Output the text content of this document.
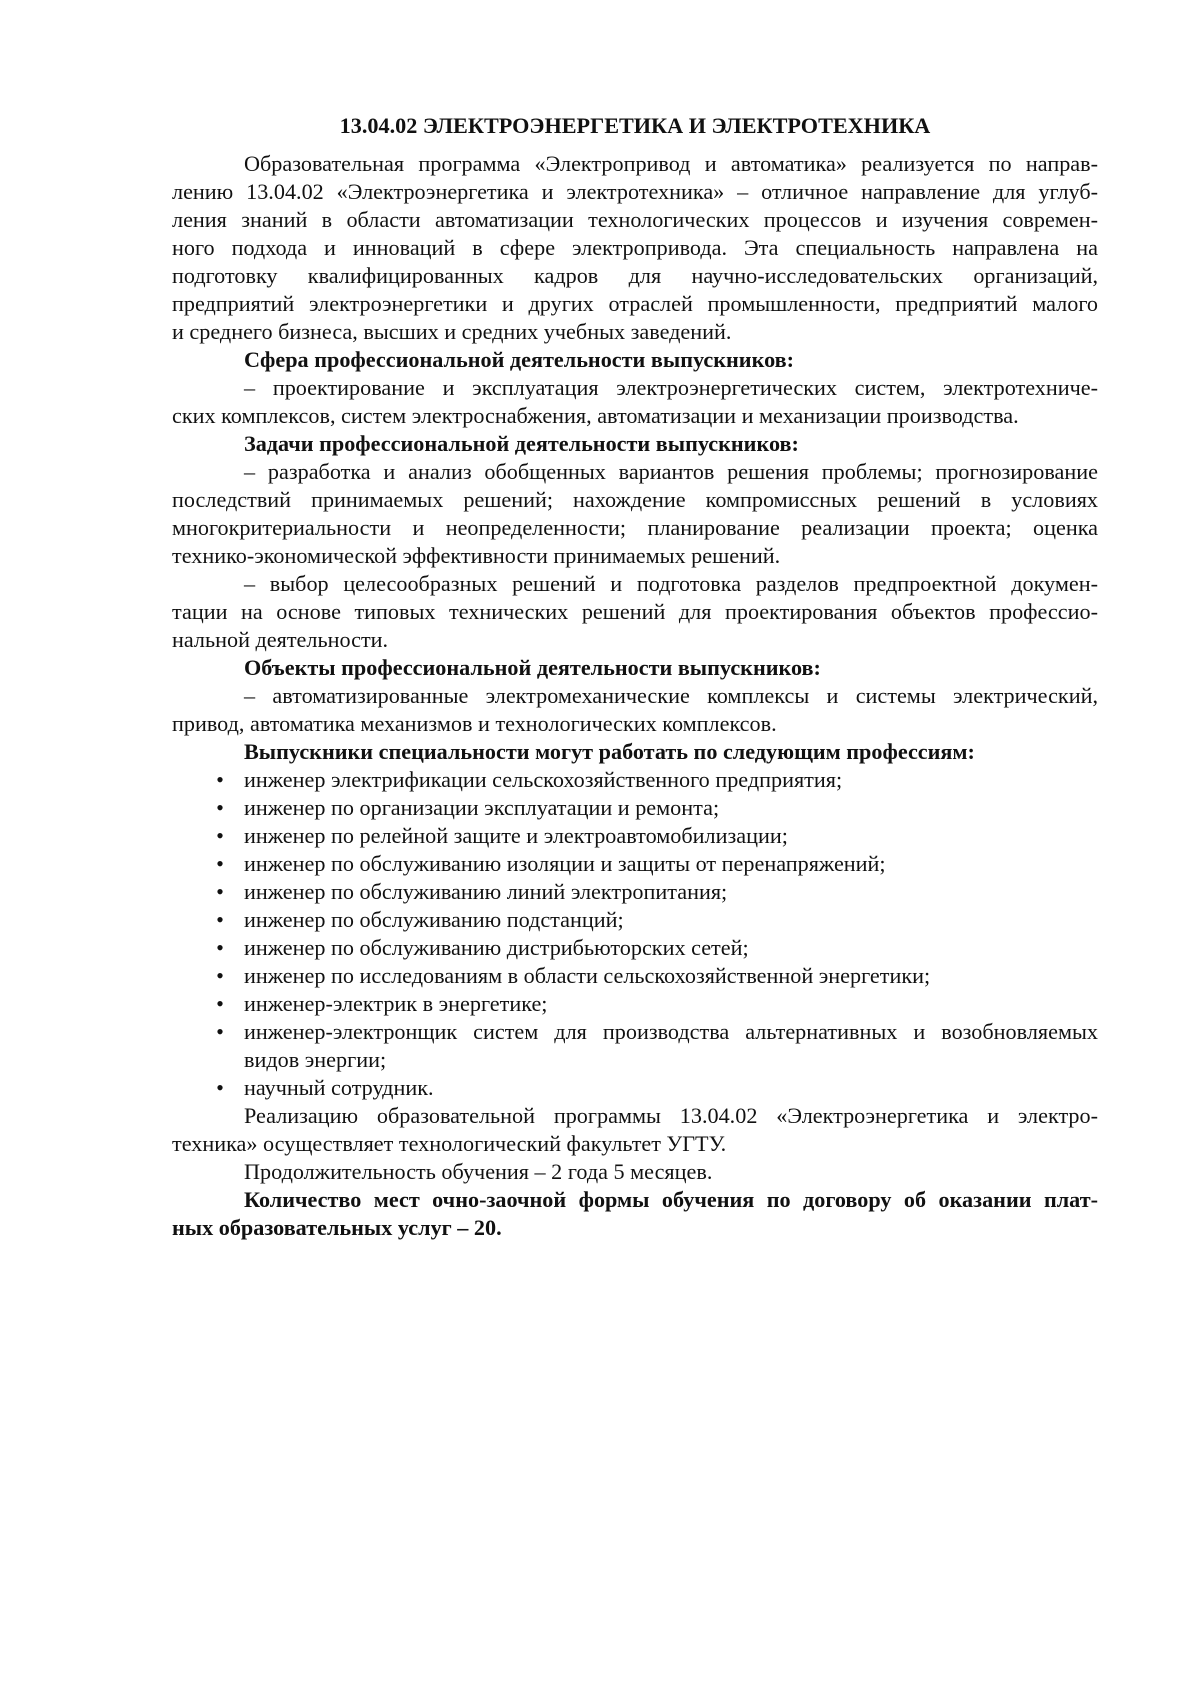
13.04.02 ЭЛЕКТРОЭНЕРГЕТИКА И ЭЛЕКТРОТЕХНИКА
Образовательная программа «Электропривод и автоматика» реализуется по направ-
лению 13.04.02 «Электроэнергетика и электротехника» – отличное направление для углуб-
ления знаний в области автоматизации технологических процессов и изучения современ-
ного подхода и инноваций в сфере электропривода. Эта специальность направлена на
подготовку квалифицированных кадров для научно-исследовательских организаций,
предприятий электроэнергетики и других отраслей промышленности, предприятий малого
и среднего бизнеса, высших и средних учебных заведений.
Сфера профессиональной деятельности выпускников:
– проектирование и эксплуатация электроэнергетических систем, электротехниче-
ских комплексов, систем электроснабжения, автоматизации и механизации производства.
Задачи профессиональной деятельности выпускников:
– разработка и анализ обобщенных вариантов решения проблемы; прогнозирование
последствий принимаемых решений; нахождение компромиссных решений в условиях
многокритериальности и неопределенности; планирование реализации проекта; оценка
технико-экономической эффективности принимаемых решений.
– выбор целесообразных решений и подготовка разделов предпроектной докумен-
тации на основе типовых технических решений для проектирования объектов профессио-
нальной деятельности.
Объекты профессиональной деятельности выпускников:
– автоматизированные электромеханические комплексы и системы электрический,
привод, автоматика механизмов и технологических комплексов.
Выпускники специальности могут работать по следующим профессиям:
• инженер электрификации сельскохозяйственного предприятия;
• инженер по организации эксплуатации и ремонта;
• инженер по релейной защите и электроавтомобилизации;
• инженер по обслуживанию изоляции и защиты от перенапряжений;
• инженер по обслуживанию линий электропитания;
• инженер по обслуживанию подстанций;
• инженер по обслуживанию дистрибьюторских сетей;
• инженер по исследованиям в области сельскохозяйственной энергетики;
• инженер-электрик в энергетике;
• инженер-электронщик систем для производства альтернативных и возобновляемых
видов энергии;
• научный сотрудник.
Реализацию образовательной программы 13.04.02 «Электроэнергетика и электро-
техника» осуществляет технологический факультет УГТУ.
Продолжительность обучения – 2 года 5 месяцев.
Количество мест очно-заочной формы обучения по договору об оказании плат-
ных образовательных услуг – 20.
